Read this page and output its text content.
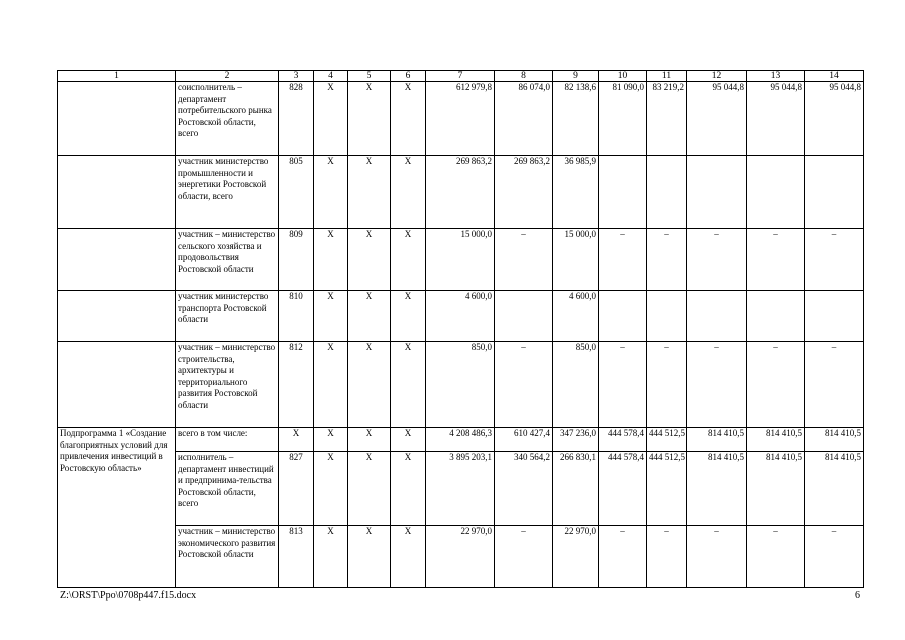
1	2	3	4	5	6	7	8	9	10	11	12	13	14
	соисполнитель – департамент потребительского рынка Ростовской области, всего	828	Х	Х	Х	612 979,8	86 074,0	82 138,6	81 090,0	83 219,2	95 044,8	95 044,8	95 044,8
	участник министерство промышленности и энергетики Ростовской области, всего	805	Х	Х	Х	269 863,2	269 863,2	36 985,9					
	участник – министерство сельского хозяйства и продовольствия Ростовской области	809	Х	Х	Х	15 000,0	–	15 000,0	–	–	–	–	–
	участник министерство транспорта Ростовской области	810	Х	Х	Х	4 600,0		4 600,0					
	участник – министерство строительства, архитектуры и территориального развития Ростовской области	812	Х	Х	Х	850,0	–	850,0	–	–	–	–	–
Подпрограмма 1 «Создание благоприятных условий для привлечения инвестиций в Ростовскую область»	всего в том числе:	Х	Х	Х	Х	4 208 486,3	610 427,4	347 236,0	444 578,4	444 512,5	814 410,5	814 410,5	814 410,5
	исполнитель – департамент инвестиций и предпринима-тельства Ростовской области, всего	827	Х	Х	Х	3 895 203,1	340 564,2	266 830,1	444 578,4	444 512,5	814 410,5	814 410,5	814 410,5
	участник – министерство экономического развития Ростовской области	813	Х	Х	Х	22 970,0	–	22 970,0	–	–	–	–	–
Z:\ORST\Ppo\0708p447.f15.docx	6
